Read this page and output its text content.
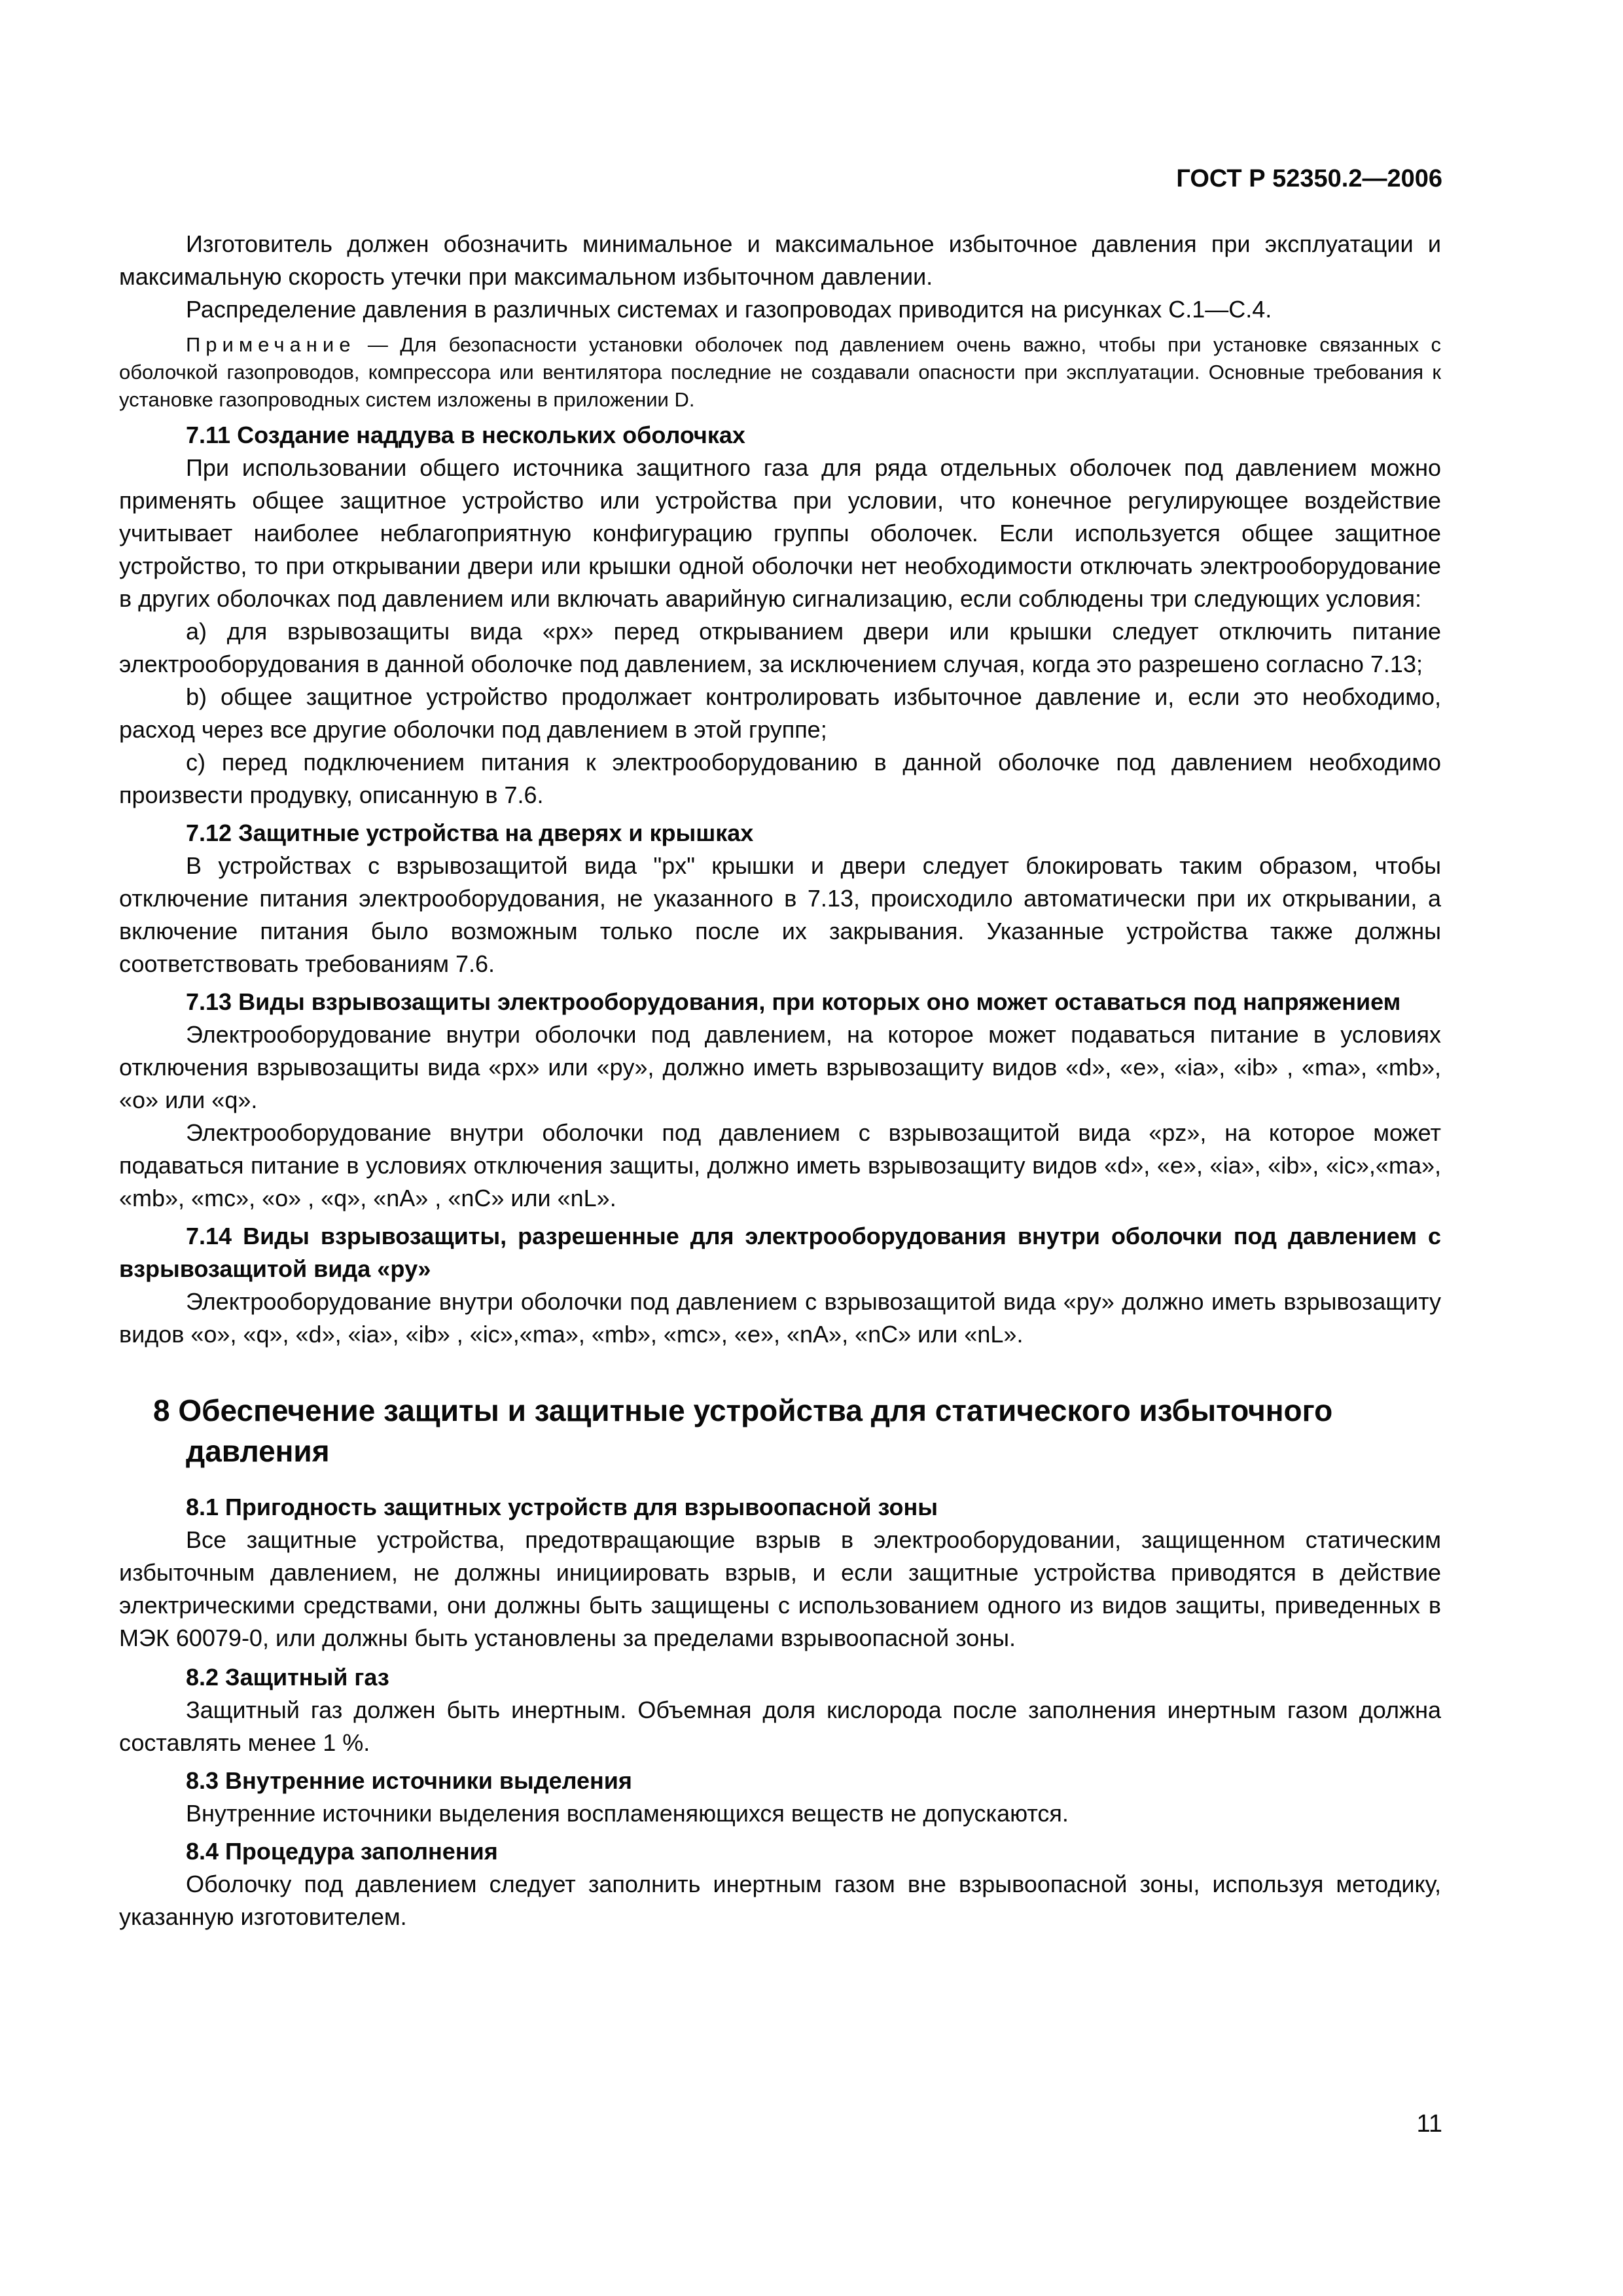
ГОСТ Р 52350.2—2006

Изготовитель должен обозначить минимальное и максимальное избыточное давления при эксплуатации и максимальную скорость утечки при максимальном избыточном давлении.

Распределение давления в различных системах и газопроводах приводится на рисунках С.1—С.4.

Примечание — Для безопасности установки оболочек под давлением очень важно, чтобы при установке связанных с оболочкой газопроводов, компрессора или вентилятора последние не создавали опасности при эксплуатации. Основные требования к установке газопроводных систем изложены в приложении D.

7.11 Создание наддува в нескольких оболочках

При использовании общего источника защитного газа для ряда отдельных оболочек под давлением можно применять общее защитное устройство или устройства при условии, что конечное регулирующее воздействие учитывает наиболее неблагоприятную конфигурацию группы оболочек. Если используется общее защитное устройство, то при открывании двери или крышки одной оболочки нет необходимости отключать электрооборудование в других оболочках под давлением или включать аварийную сигнализацию, если соблюдены три следующих условия:

a) для взрывозащиты вида «px» перед открыванием двери или крышки следует отключить питание электрооборудования в данной оболочке под давлением, за исключением случая, когда это разрешено согласно 7.13;

b) общее защитное устройство продолжает контролировать избыточное давление и, если это необходимо, расход через все другие оболочки под давлением в этой группе;

c) перед подключением питания к электрооборудованию в данной оболочке под давлением необходимо произвести продувку, описанную в 7.6.

7.12 Защитные устройства на дверях и крышках

В устройствах с взрывозащитой вида "px" крышки и двери следует блокировать таким образом, чтобы отключение питания электрооборудования, не указанного в 7.13, происходило автоматически при их открывании, а включение питания было возможным только после их закрывания. Указанные устройства также должны соответствовать требованиям 7.6.

7.13 Виды взрывозащиты электрооборудования, при которых оно может оставаться под напряжением

Электрооборудование внутри оболочки под давлением, на которое может подаваться питание в условиях отключения взрывозащиты вида «px» или «py», должно иметь взрывозащиту видов «d», «e», «ia», «ib» , «ma», «mb», «o» или «q».

Электрооборудование внутри оболочки под давлением с взрывозащитой вида «pz», на которое может подаваться питание в условиях отключения защиты, должно иметь взрывозащиту видов «d», «e», «ia», «ib», «ic»,«ma», «mb», «mc», «o» , «q», «nA» , «nC» или «nL».

7.14 Виды взрывозащиты, разрешенные для электрооборудования внутри оболочки под давлением с взрывозащитой вида «py»

Электрооборудование внутри оболочки под давлением с взрывозащитой вида «py» должно иметь взрывозащиту видов «o», «q», «d», «ia», «ib» , «ic»,«ma», «mb», «mc», «e», «nA», «nC» или «nL».

8 Обеспечение защиты и защитные устройства для статического избыточного давления

8.1 Пригодность защитных устройств для взрывоопасной зоны

Все защитные устройства, предотвращающие взрыв в электрооборудовании, защищенном статическим избыточным давлением, не должны инициировать взрыв, и если защитные устройства приводятся в действие электрическими средствами, они должны быть защищены с использованием одного из видов защиты, приведенных в МЭК 60079-0, или должны быть установлены за пределами взрывоопасной зоны.

8.2 Защитный газ

Защитный газ должен быть инертным. Объемная доля кислорода после заполнения инертным газом должна составлять менее 1 %.

8.3 Внутренние источники выделения

Внутренние источники выделения воспламеняющихся веществ не допускаются.

8.4 Процедура заполнения

Оболочку под давлением следует заполнить инертным газом вне взрывоопасной зоны, используя методику, указанную изготовителем.

11
